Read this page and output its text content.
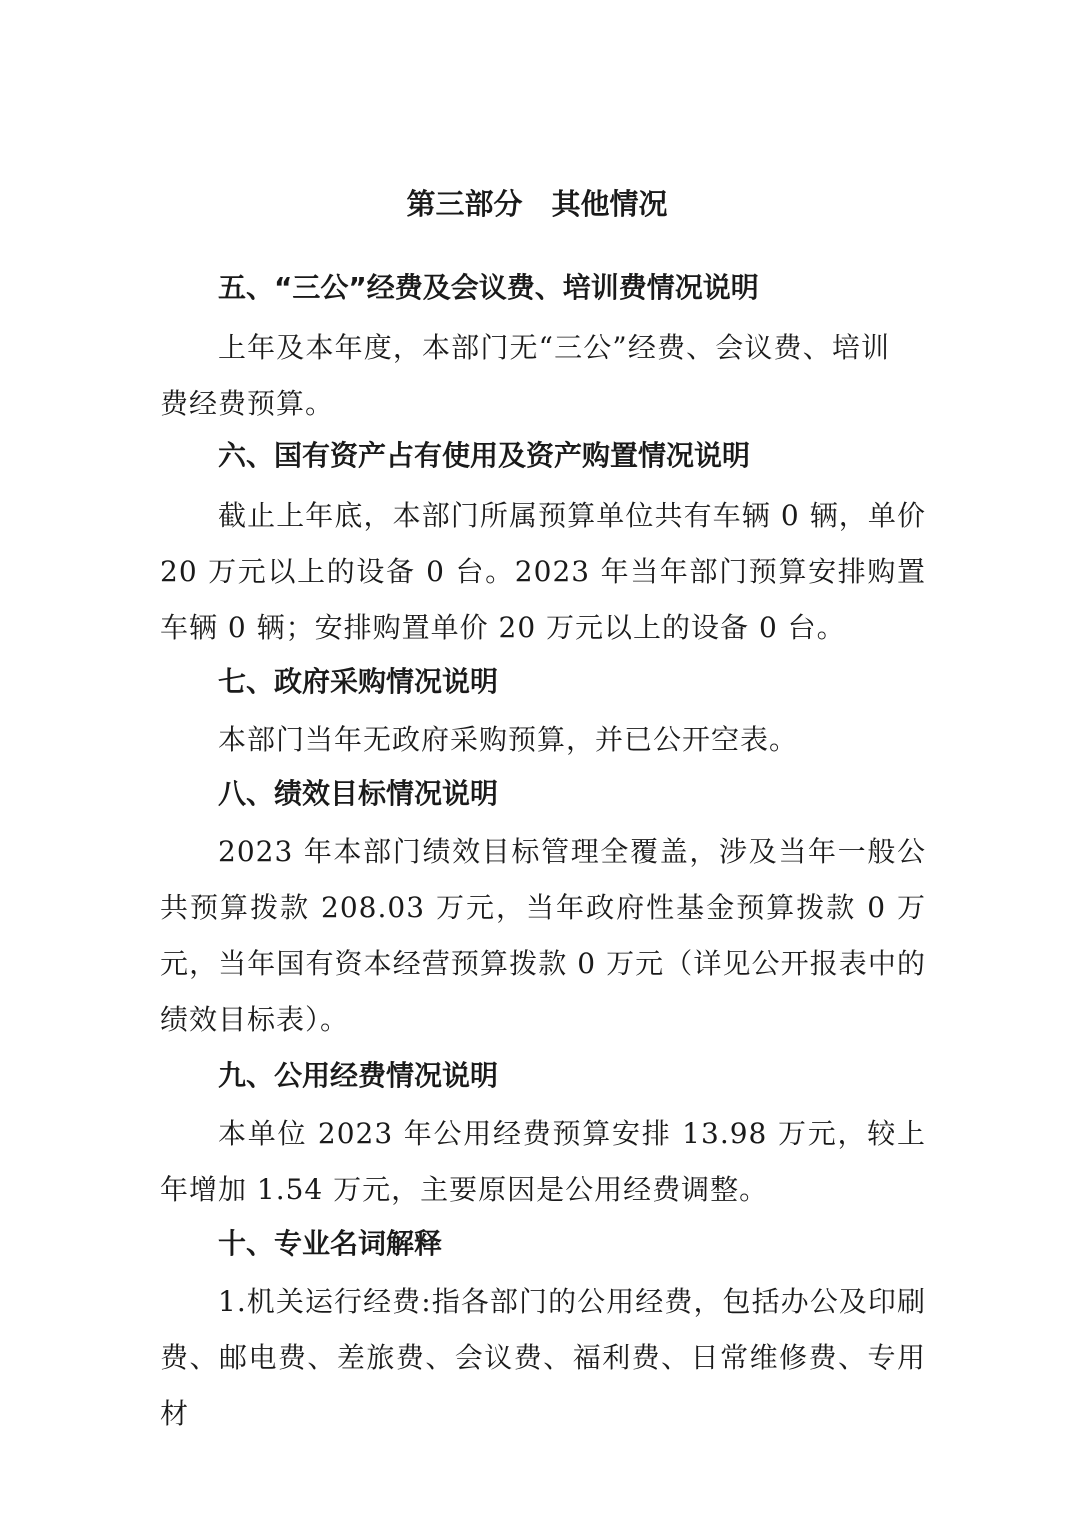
第三部分　其他情况
五、“三公”经费及会议费、培训费情况说明

上年及本年度，本部门无“三公”经费、会议费、培训费经费预算。

六、国有资产占有使用及资产购置情况说明

截止上年底，本部门所属预算单位共有车辆 0 辆，单价 20 万元以上的设备 0 台。2023 年当年部门预算安排购置车辆 0 辆；安排购置单价 20 万元以上的设备 0 台。

七、政府采购情况说明

本部门当年无政府采购预算，并已公开空表。

八、绩效目标情况说明

2023 年本部门绩效目标管理全覆盖，涉及当年一般公共预算拨款 208.03 万元，当年政府性基金预算拨款 0 万元，当年国有资本经营预算拨款 0 万元（详见公开报表中的绩效目标表）。

九、公用经费情况说明

本单位 2023 年公用经费预算安排 13.98 万元，较上年增加 1.54 万元，主要原因是公用经费调整。

十、专业名词解释

1.机关运行经费:指各部门的公用经费，包括办公及印刷费、邮电费、差旅费、会议费、福利费、日常维修费、专用材
